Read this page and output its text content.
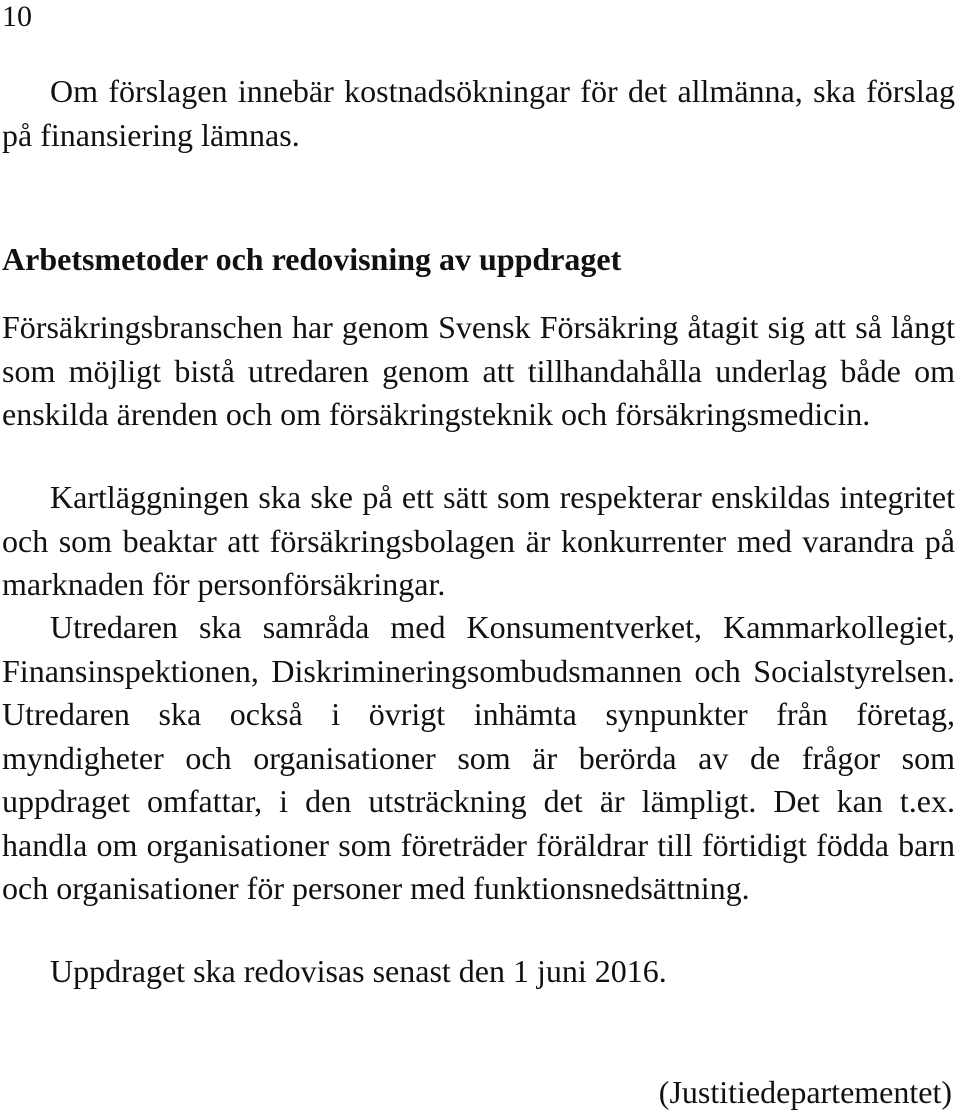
10

Om förslagen innebär kostnadsökningar för det allmänna, ska förslag på finansiering lämnas.

Arbetsmetoder och redovisning av uppdraget

Försäkringsbranschen har genom Svensk Försäkring åtagit sig att så långt som möjligt bistå utredaren genom att tillhandahålla underlag både om enskilda ärenden och om försäkringsteknik och försäkringsmedicin.

Kartläggningen ska ske på ett sätt som respekterar enskildas integritet och som beaktar att försäkringsbolagen är konkurrenter med varandra på marknaden för personförsäkringar.

Utredaren ska samråda med Konsumentverket, Kammarkollegiet, Finansinspektionen, Diskrimineringsombudsmannen och Socialstyrelsen. Utredaren ska också i övrigt inhämta synpunkter från företag, myndigheter och organisationer som är berörda av de frågor som uppdraget omfattar, i den utsträckning det är lämpligt. Det kan t.ex. handla om organisationer som företräder föräldrar till förtidigt födda barn och organisationer för personer med funktionsnedsättning.

Uppdraget ska redovisas senast den 1 juni 2016.

(Justitiedepartementet)
